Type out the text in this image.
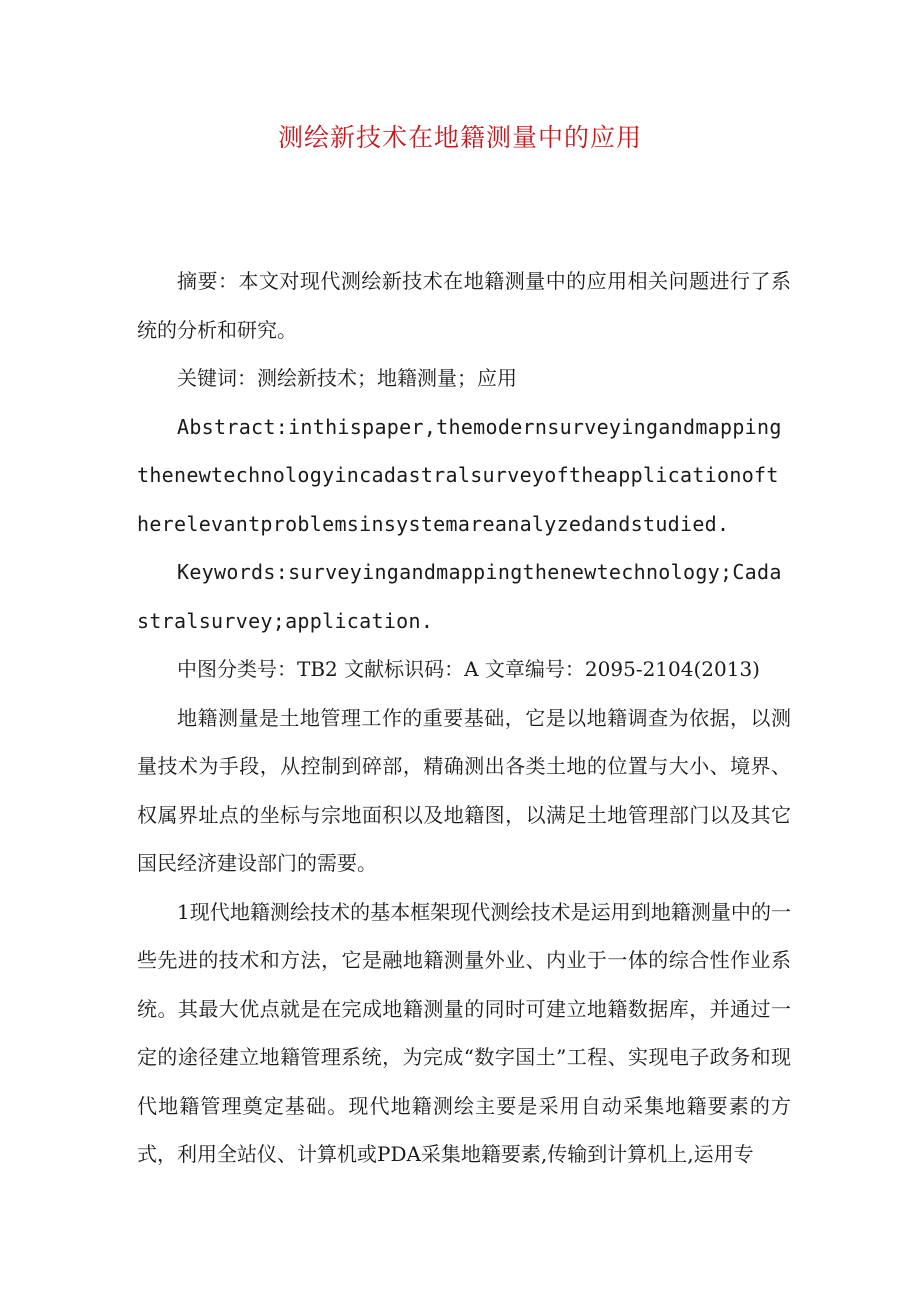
测绘新技术在地籍测量中的应用

摘要：本文对现代测绘新技术在地籍测量中的应用相关问题进行了系统的分析和研究。

关键词：测绘新技术；地籍测量；应用

Abstract:inthispaper,themodernsurveyingandmappingthenewtechnologyincadastralsurveyoftheapplicationoftherelevantproblemsinsystemareanalyzedandstudied.

Keywords:surveyingandmappingthenewtechnology;Cadastralsurvey;application.

中图分类号：TB2 文献标识码：A 文章编号：2095-2104(2013)

地籍测量是土地管理工作的重要基础，它是以地籍调查为依据，以测量技术为手段，从控制到碎部，精确测出各类土地的位置与大小、境界、权属界址点的坐标与宗地面积以及地籍图，以满足土地管理部门以及其它国民经济建设部门的需要。

1现代地籍测绘技术的基本框架现代测绘技术是运用到地籍测量中的一些先进的技术和方法，它是融地籍测量外业、内业于一体的综合性作业系统。其最大优点就是在完成地籍测量的同时可建立地籍数据库，并通过一定的途径建立地籍管理系统，为完成“数字国土”工程、实现电子政务和现代地籍管理奠定基础。现代地籍测绘主要是采用自动采集地籍要素的方式，利用全站仪、计算机或PDA采集地籍要素,传输到计算机上,运用专
